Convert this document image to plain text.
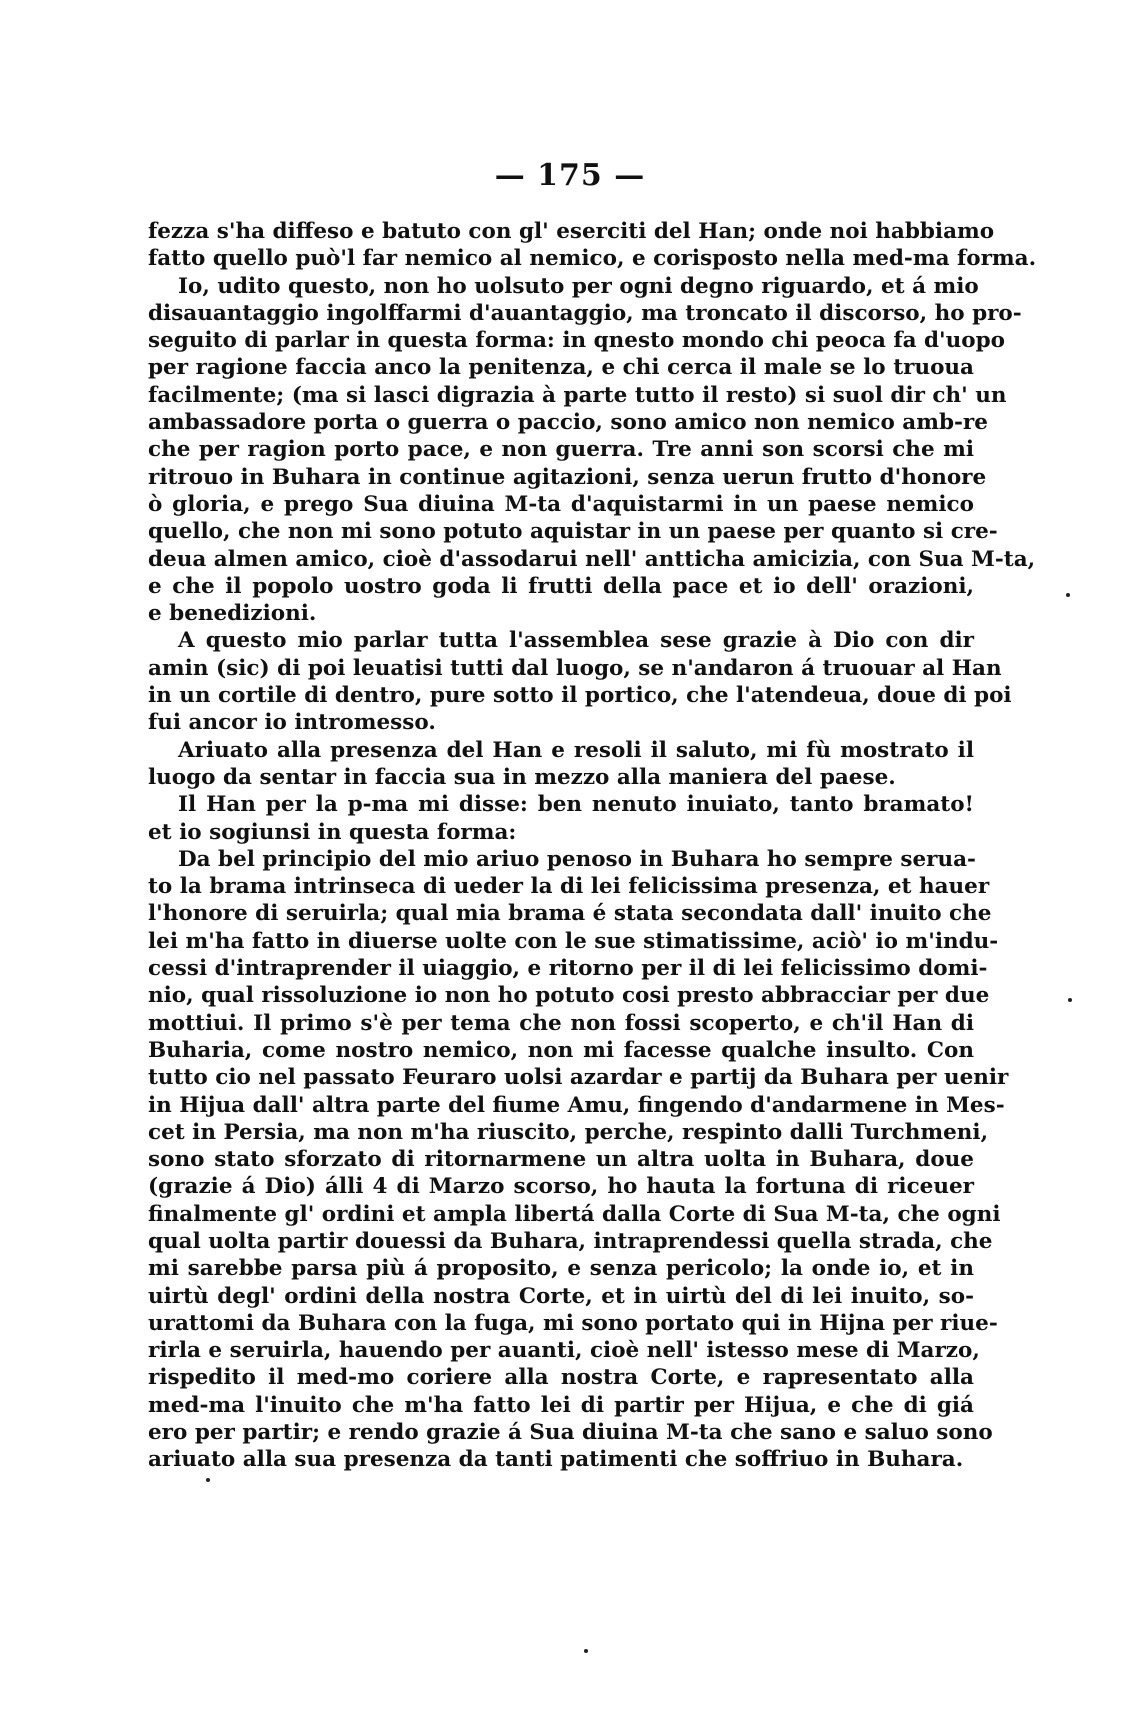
— 175 —
fezza s'ha diffeso e batuto con gl' eserciti del Han; onde noi habbiamo
fatto quello può'l far nemico al nemico, e corisposto nella med-ma forma.
Io, udito questo, non ho uolsuto per ogni degno riguardo, et á mio
disauantaggio ingolffarmi d'auantaggio, ma troncato il discorso, ho pro-
seguito di parlar in questa forma: in qnesto mondo chi peoca fa d'uopo
per ragione faccia anco la penitenza, e chi cerca il male se lo truoua
facilmente; (ma si lasci digrazia à parte tutto il resto) si suol dir ch' un
ambassadore porta o guerra o paccio, sono amico non nemico amb-re
che per ragion porto pace, e non guerra. Tre anni son scorsi che mi
ritrouo in Buhara in continue agitazioni, senza uerun frutto d'honore
ò gloria, e prego Sua diuina M-ta d'aquistarmi in un paese nemico
quello, che non mi sono potuto aquistar in un paese per quanto si cre-
deua almen amico, cioè d'assodarui nell' antticha amicizia, con Sua M-ta,
e che il popolo uostro goda li frutti della pace et io dell' orazioni,
e benedizioni.
A questo mio parlar tutta l'assemblea sese grazie à Dio con dir
amin (sic) di poi leuatisi tutti dal luogo, se n'andaron á truouar al Han
in un cortile di dentro, pure sotto il portico, che l'atendeua, doue di poi
fui ancor io intromesso.
Ariuato alla presenza del Han e resoli il saluto, mi fù mostrato il
luogo da sentar in faccia sua in mezzo alla maniera del paese.
Il Han per la p-ma mi disse: ben nenuto inuiato, tanto bramato!
et io sogiunsi in questa forma:
Da bel principio del mio ariuo penoso in Buhara ho sempre serua-
to la brama intrinseca di ueder la di lei felicissima presenza, et hauer
l'honore di seruirla; qual mia brama é stata secondata dall' inuito che
lei m'ha fatto in diuerse uolte con le sue stimatissime, aciò' io m'indu-
cessi d'intraprender il uiaggio, e ritorno per il di lei felicissimo domi-
nio, qual rissoluzione io non ho potuto cosi presto abbracciar per due
mottiui. Il primo s'è per tema che non fossi scoperto, e ch'il Han di
Buharia, come nostro nemico, non mi facesse qualche insulto. Con
tutto cio nel passato Feuraro uolsi azardar e partij da Buhara per uenir
in Hijua dall' altra parte del fiume Amu, fingendo d'andarmene in Mes-
cet in Persia, ma non m'ha riuscito, perche, respinto dalli Turchmeni,
sono stato sforzato di ritornarmene un altra uolta in Buhara, doue
(grazie á Dio) álli 4 di Marzo scorso, ho hauta la fortuna di riceuer
finalmente gl' ordini et ampla libertá dalla Corte di Sua M-ta, che ogni
qual uolta partir douessi da Buhara, intraprendessi quella strada, che
mi sarebbe parsa più á proposito, e senza pericolo; la onde io, et in
uirtù degl' ordini della nostra Corte, et in uirtù del di lei inuito, so-
urattomi da Buhara con la fuga, mi sono portato qui in Hijna per riue-
rirla e seruirla, hauendo per auanti, cioè nell' istesso mese di Marzo,
rispedito il med-mo coriere alla nostra Corte, e rapresentato alla
med-ma l'inuito che m'ha fatto lei di partir per Hijua, e che di giá
ero per partir; e rendo grazie á Sua diuina M-ta che sano e saluo sono
ariuato alla sua presenza da tanti patimenti che soffriuo in Buhara.
